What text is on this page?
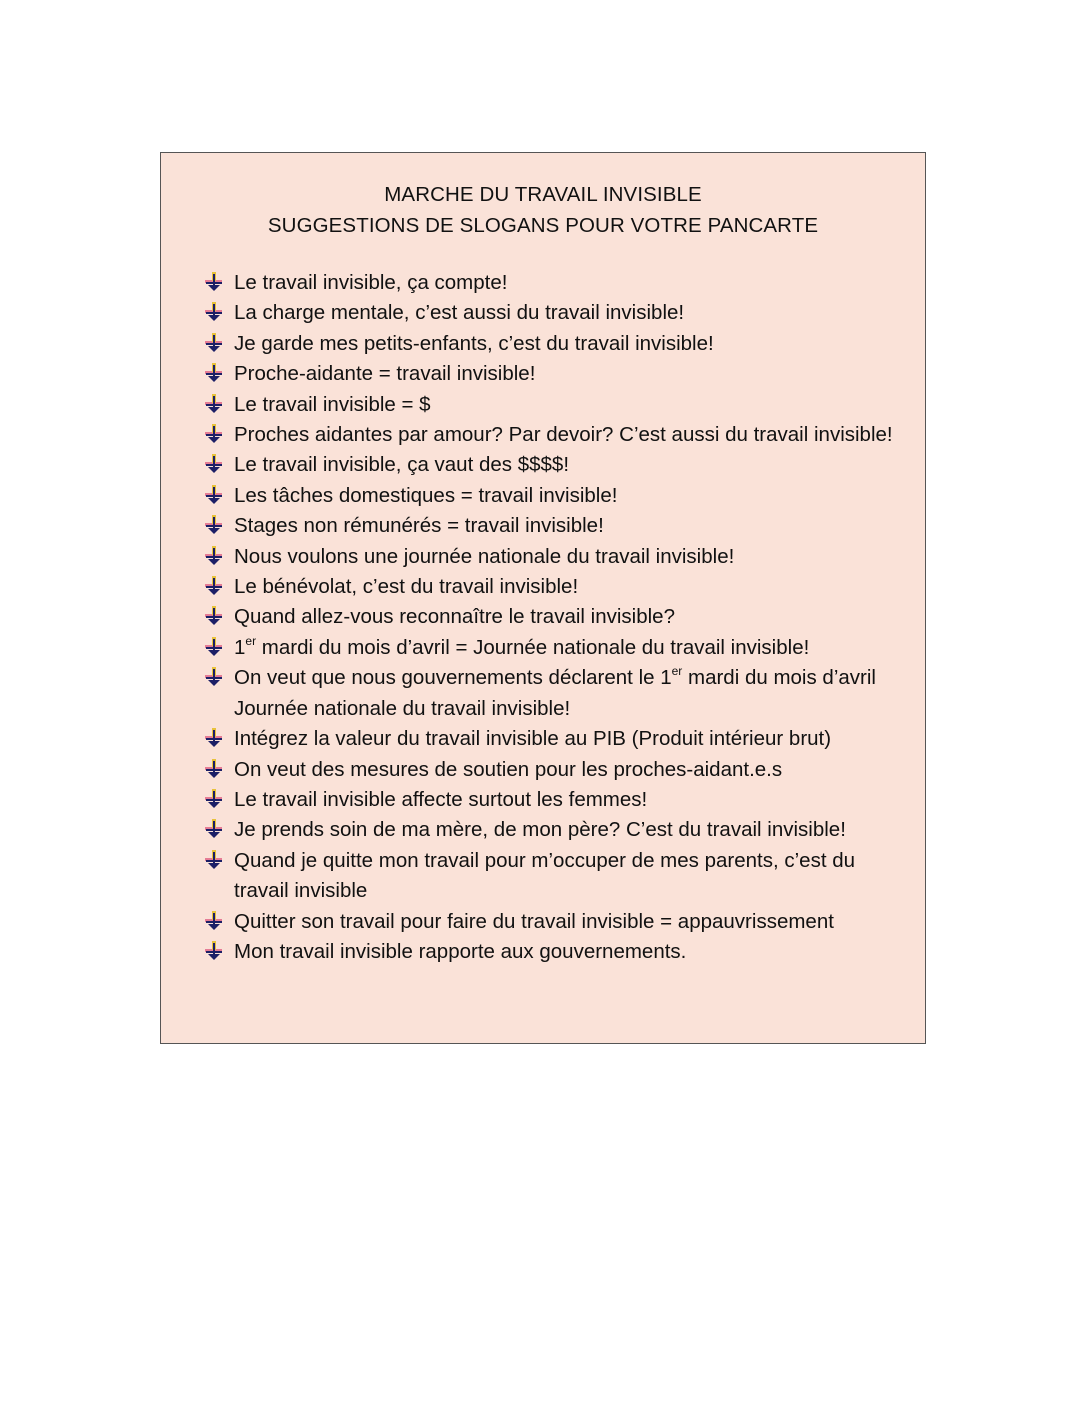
MARCHE DU TRAVAIL INVISIBLE
SUGGESTIONS DE SLOGANS POUR VOTRE PANCARTE
Le travail invisible, ça compte!
La charge mentale, c’est aussi du travail invisible!
Je garde mes petits-enfants, c’est du travail invisible!
Proche-aidante = travail invisible!
Le travail invisible = $
Proches aidantes par amour? Par devoir? C’est aussi du travail invisible!
Le travail invisible, ça vaut des $$$$!
Les tâches domestiques = travail invisible!
Stages non rémunérés = travail invisible!
Nous voulons une journée nationale du travail invisible!
Le bénévolat, c’est du travail invisible!
Quand allez-vous reconnaître le travail invisible?
1er mardi du mois d’avril = Journée nationale du travail invisible!
On veut que nous gouvernements déclarent le 1er mardi du mois d’avril Journée nationale du travail invisible!
Intégrez la valeur du travail invisible au PIB (Produit intérieur brut)
On veut des mesures de soutien pour les proches-aidant.e.s
Le travail invisible affecte surtout les femmes!
Je prends soin de ma mère, de mon père? C’est du travail invisible!
Quand je quitte mon travail pour m’occuper de mes parents, c’est du travail invisible
Quitter son travail pour faire du travail invisible = appauvrissement
Mon travail invisible rapporte aux gouvernements.
